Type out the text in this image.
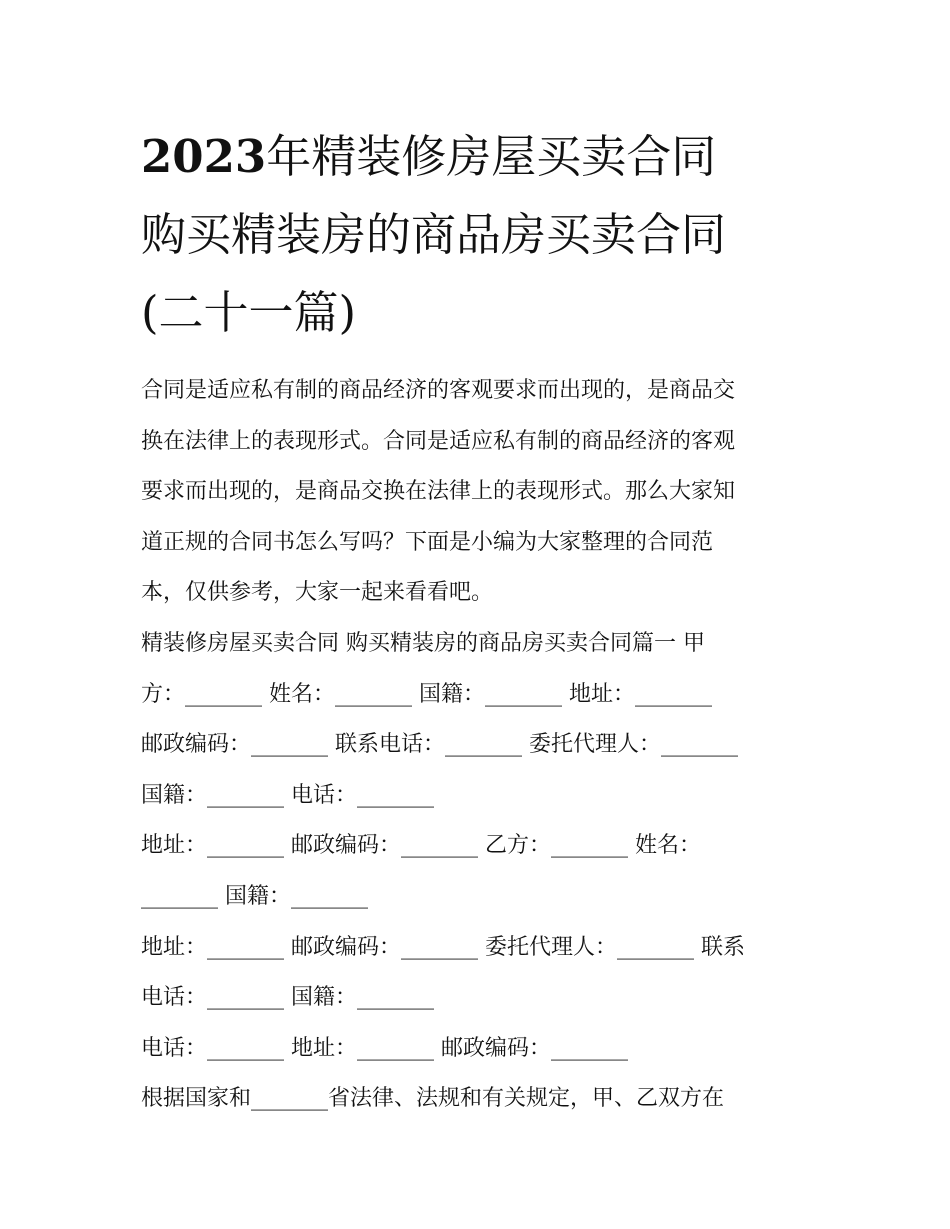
2023年精装修房屋买卖合同

购买精装房的商品房买卖合同

(二十一篇)

合同是适应私有制的商品经济的客观要求而出现的，是商品交

换在法律上的表现形式。合同是适应私有制的商品经济的客观

要求而出现的，是商品交换在法律上的表现形式。那么大家知

道正规的合同书怎么写吗？下面是小编为大家整理的合同范

本，仅供参考，大家一起来看看吧。

精装修房屋买卖合同 购买精装房的商品房买卖合同篇一 甲

方：_______ 姓名：_______ 国籍：_______ 地址：_______

邮政编码：_______ 联系电话：_______ 委托代理人：_______

国籍：_______ 电话：_______

地址：_______ 邮政编码：_______ 乙方：_______ 姓名：

_______ 国籍：_______

地址：_______ 邮政编码：_______ 委托代理人：_______ 联系

电话：_______ 国籍：_______

电话：_______ 地址：_______ 邮政编码：_______

根据国家和_______省法律、法规和有关规定，甲、乙双方在
